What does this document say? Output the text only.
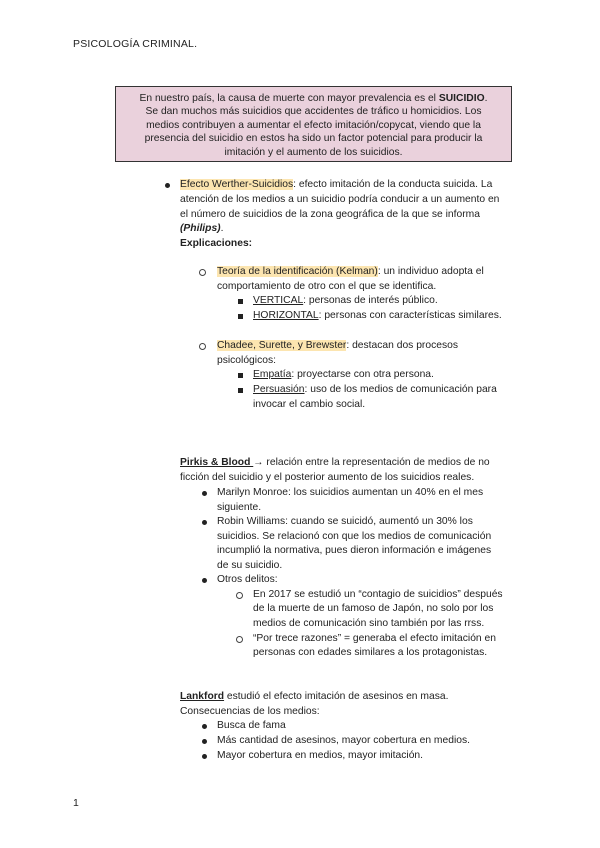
PSICOLOGÍA CRIMINAL.
En nuestro país, la causa de muerte con mayor prevalencia es el SUICIDIO.
Se dan muchos más suicidios que accidentes de tráfico u homicidios. Los
medios contribuyen a aumentar el efecto imitación/copycat, viendo que la
presencia del suicidio en estos ha sido un factor potencial para producir la
imitación y el aumento de los suicidios.
Efecto Werther-Suicidios: efecto imitación de la conducta suicida. La
atención de los medios a un suicidio podría conducir a un aumento en
el número de suicidios de la zona geográfica de la que se informa
(Philips).
Explicaciones:
Teoría de la identificación (Kelman): un individuo adopta el
comportamiento de otro con el que se identifica.
VERTICAL: personas de interés público.
HORIZONTAL: personas con características similares.
Chadee, Surette, y Brewster: destacan dos procesos
psicológicos:
Empatía: proyectarse con otra persona.
Persuasión: uso de los medios de comunicación para
invocar el cambio social.
Pirkis & Blood → relación entre la representación de medios de no
ficción del suicidio y el posterior aumento de los suicidios reales.
Marilyn Monroe: los suicidios aumentan un 40% en el mes
siguiente.
Robin Williams: cuando se suicidó, aumentó un 30% los
suicidios. Se relacionó con que los medios de comunicación
incumplió la normativa, pues dieron información e imágenes
de su suicidio.
Otros delitos:
En 2017 se estudió un “contagio de suicidios” después
de la muerte de un famoso de Japón, no solo por los
medios de comunicación sino también por las rrss.
“Por trece razones” = generaba el efecto imitación en
personas con edades similares a los protagonistas.
Lankford estudió el efecto imitación de asesinos en masa.
Consecuencias de los medios:
Busca de fama
Más cantidad de asesinos, mayor cobertura en medios.
Mayor cobertura en medios, mayor imitación.
1
